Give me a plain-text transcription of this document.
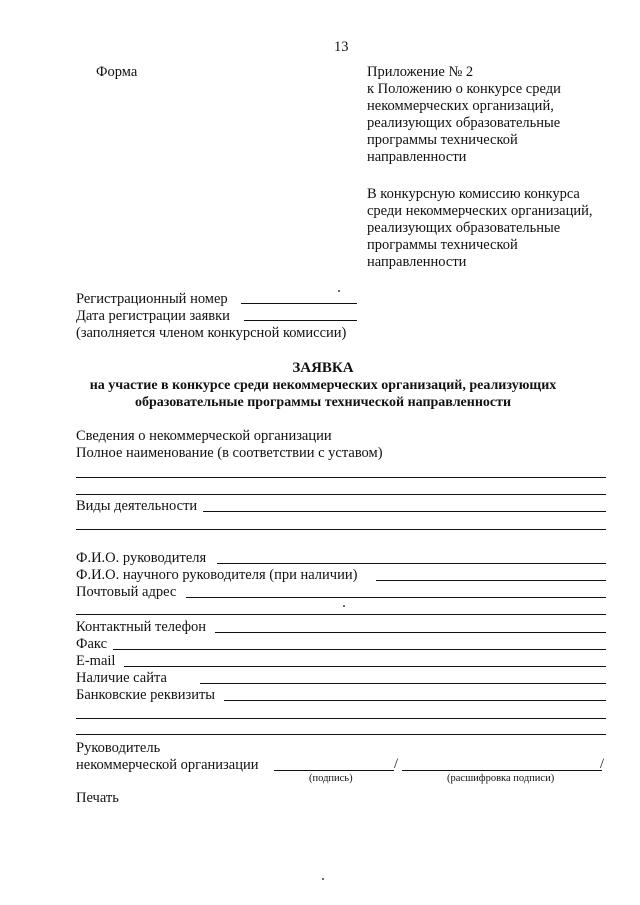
13
Форма	Приложение № 2
к Положению о конкурсе среди
некоммерческих организаций,
реализующих образовательные
программы технической
направленности
В конкурсную комиссию конкурса
среди некоммерческих организаций,
реализующих образовательные
программы технической
направленности
Регистрационный номер
Дата регистрации заявки
(заполняется членом конкурсной комиссии)
ЗАЯВКА
на участие в конкурсе среди некоммерческих организаций, реализующих
образовательные программы технической направленности
Сведения о некоммерческой организации
Полное наименование (в соответствии с уставом)
Виды деятельности
Ф.И.О. руководителя
Ф.И.О. научного руководителя (при наличии)
Почтовый адрес
Контактный телефон
Факс
E-mail
Наличие сайта
Банковские реквизиты
Руководитель
некоммерческой организации	/	/
(подпись)	(расшифровка подписи)
Печать
